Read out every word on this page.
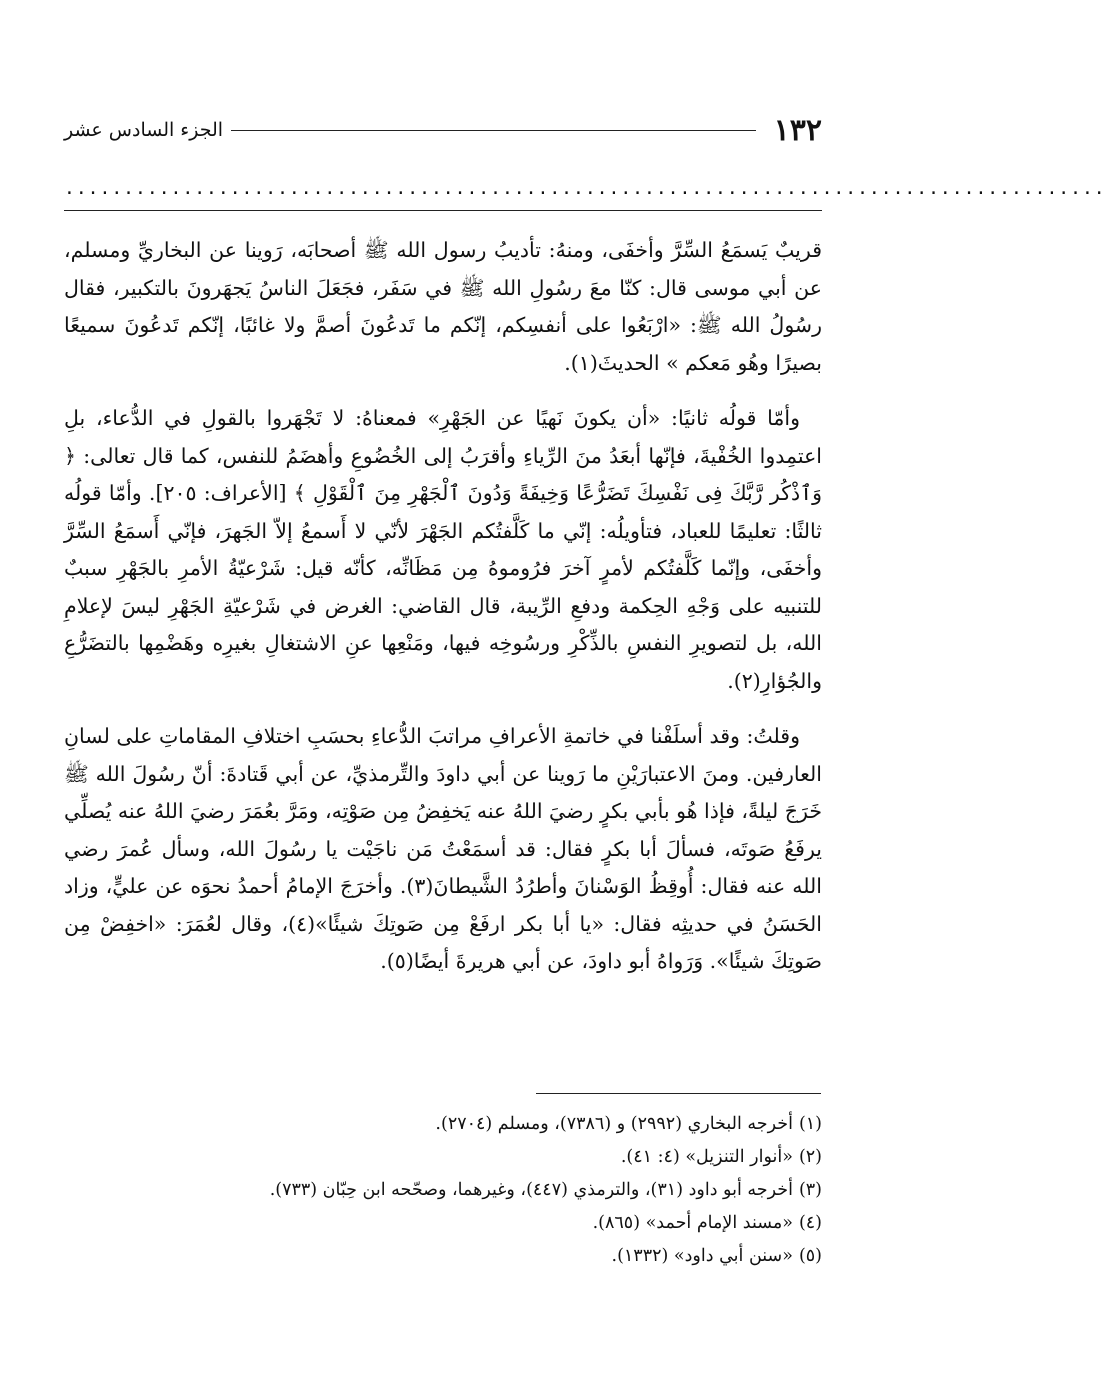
١٣٢
الجزء السادس عشر
........................................................................................

قريبٌ يَسمَعُ السِّرَّ وأخفَى، ومنهُ: تأديبُ رسول الله ﷺ أصحابَه، رَوينا عن البخاريِّ ومسلم، عن أبي موسى قال: كنّا معَ رسُولِ الله ﷺ في سَفَر، فجَعَلَ الناسُ يَجهَرونَ بالتكبير، فقال رسُولُ الله ﷺ: «ارْبَعُوا على أنفسِكم، إنّكم ما تَدعُونَ أصمَّ ولا غائبًا، إنّكم تَدعُونَ سميعًا بصيرًا وهُو مَعكم » الحديثَ(١).

وأمّا قولُه ثانيًا: «أن يكونَ نَهيًا عن الجَهْرِ» فمعناهُ: لا تَجْهَروا بالقولِ في الدُّعاء، بلِ اعتمِدوا الخُفْيةَ، فإنّها أبعَدُ منَ الرِّياءِ وأقرَبُ إلى الخُضُوعِ وأهضَمُ للنفس، كما قال تعالى: ﴿ وَٱذْكُر رَّبَّكَ فِى نَفْسِكَ تَضَرُّعًا وَخِيفَةً وَدُونَ ٱلْجَهْرِ مِنَ ٱلْقَوْلِ ﴾ [الأعراف: ٢٠٥]. وأمّا قولُه ثالثًا: تعليمًا للعباد، فتأويلُه: إنّي ما كَلَّفتُكم الجَهْرَ لأنّي لا أَسمعُ إلاّ الجَهرَ، فإنّي أَسمَعُ السِّرَّ وأخفَى، وإنّما كَلَّفتُكم لأمرٍ آخرَ فرُوموهُ مِن مَظَانِّه، كأنّه قيل: شَرْعيّةُ الأمرِ بالجَهْرِ سببٌ للتنبيه على وَجْهِ الحِكمة ودفعِ الرِّيبة، قال القاضي: الغرض في شَرْعيّةِ الجَهْرِ ليسَ لإعلامِ الله، بل لتصويرِ النفسِ بالذِّكْرِ ورسُوخِه فيها، ومَنْعِها عنِ الاشتغالِ بغيرِه وهَضْمِها بالتضَرُّعِ والجُؤارِ(٢).

وقلتُ: وقد أسلَفْنا في خاتمةِ الأعرافِ مراتبَ الدُّعاءِ بحسَبِ اختلافِ المقاماتِ على لسانِ العارفين. ومنَ الاعتبارَيْنِ ما رَوينا عن أبي داودَ والتِّرمذيِّ، عن أبي قَتادةَ: أنّ رسُولَ الله ﷺ خَرَجَ ليلةً، فإذا هُو بأبي بكرٍ رضيَ اللهُ عنه يَخفِضُ مِن صَوْتِه، ومَرَّ بعُمَرَ رضيَ اللهُ عنه يُصلِّي يرفَعُ صَوتَه، فسألَ أبا بكرٍ فقال: قد أسمَعْتُ مَن ناجَيْت يا رسُولَ الله، وسأل عُمرَ رضي الله عنه فقال: أُوقِظُ الوَسْنانَ وأطرُدُ الشَّيطانَ(٣). وأخرَجَ الإمامُ أحمدُ نحوَه عن عليٍّ، وزاد الحَسَنُ في حديثِه فقال: «يا أبا بكر ارفَعْ مِن صَوتِكَ شيئًا»(٤)، وقال لعُمَرَ: «اخفِضْ مِن صَوتِكَ شيئًا». وَرَواهُ أبو داودَ، عن أبي هريرةَ أيضًا(٥).

(١)
أخرجه البخاري (٢٩٩٢) و (٧٣٨٦)، ومسلم (٢٧٠٤).
(٢)
«أنوار التنزيل» (٤: ٤١).
(٣)
أخرجه أبو داود (٣١)، والترمذي (٤٤٧)، وغيرهما، وصحّحه ابن حِبّان (٧٣٣).
(٤)
«مسند الإمام أحمد» (٨٦٥).
(٥)
«سنن أبي داود» (١٣٣٢).
